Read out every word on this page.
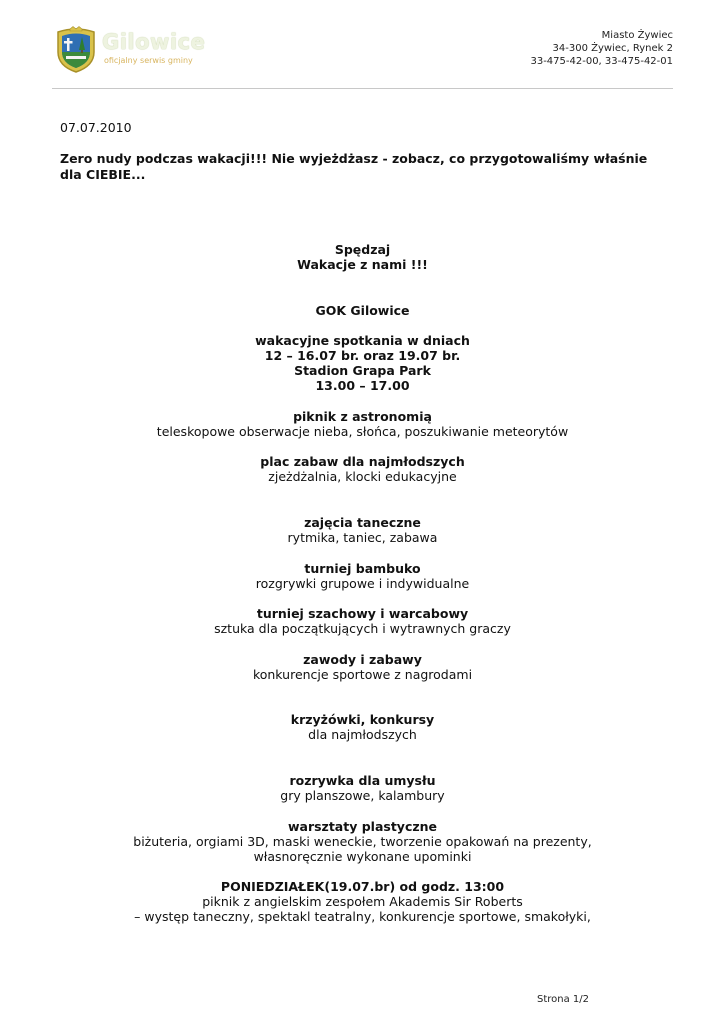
Gilowice
oficjalny serwis gminy
Miasto Żywiec
34-300 Żywiec, Rynek 2
33-475-42-00, 33-475-42-01
07.07.2010
Zero nudy podczas wakacji!!! Nie wyjeżdżasz - zobacz, co przygotowaliśmy właśnie dla CIEBIE...
Spędzaj
Wakacje z nami !!!
GOK Gilowice
wakacyjne spotkania w dniach
12 – 16.07 br. oraz 19.07 br.
Stadion Grapa Park
13.00 – 17.00
piknik z astronomią
teleskopowe obserwacje nieba, słońca, poszukiwanie meteorytów
plac zabaw dla najmłodszych
zjeżdżalnia, klocki edukacyjne
zajęcia taneczne
rytmika, taniec, zabawa
turniej bambuko
rozgrywki grupowe i indywidualne
turniej szachowy i warcabowy
sztuka dla początkujących i wytrawnych graczy
zawody i zabawy
konkurencje sportowe z nagrodami
krzyżówki, konkursy
dla najmłodszych
rozrywka dla umysłu
gry planszowe, kalambury
warsztaty plastyczne
biżuteria, orgiami 3D, maski weneckie, tworzenie opakowań na prezenty,
własnoręcznie wykonane upominki
PONIEDZIAŁEK(19.07.br) od godz. 13:00
piknik z angielskim zespołem Akademis Sir Roberts
– występ taneczny, spektakl teatralny, konkurencje sportowe, smakołyki,
Strona 1/2
